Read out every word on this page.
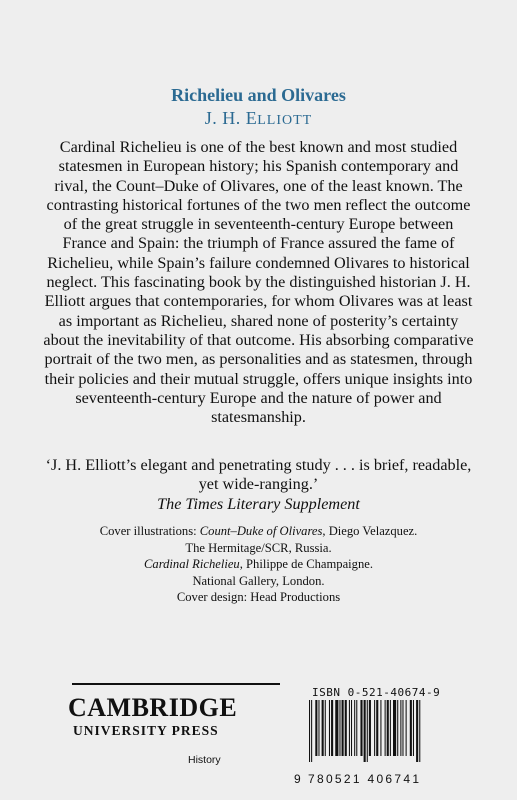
Richelieu and Olivares
J. H. ELLIOTT

Cardinal Richelieu is one of the best known and most studied statesmen in European history; his Spanish contemporary and rival, the Count–Duke of Olivares, one of the least known. The contrasting historical fortunes of the two men reflect the outcome of the great struggle in seventeenth-century Europe between France and Spain: the triumph of France assured the fame of Richelieu, while Spain’s failure condemned Olivares to historical neglect. This fascinating book by the distinguished historian J. H. Elliott argues that contemporaries, for whom Olivares was at least as important as Richelieu, shared none of posterity’s certainty about the inevitability of that outcome. His absorbing comparative portrait of the two men, as personalities and as statesmen, through their policies and their mutual struggle, offers unique insights into seventeenth-century Europe and the nature of power and statesmanship.

‘J. H. Elliott’s elegant and penetrating study . . . is brief, readable, yet wide-ranging.’
The Times Literary Supplement
Cover illustrations: Count–Duke of Olivares, Diego Velazquez.
The Hermitage/SCR, Russia.
Cardinal Richelieu, Philippe de Champaigne.
National Gallery, London.
Cover design: Head Productions
CAMBRIDGE
UNIVERSITY PRESS
History
ISBN 0-521-40674-9
9 780521 406741
